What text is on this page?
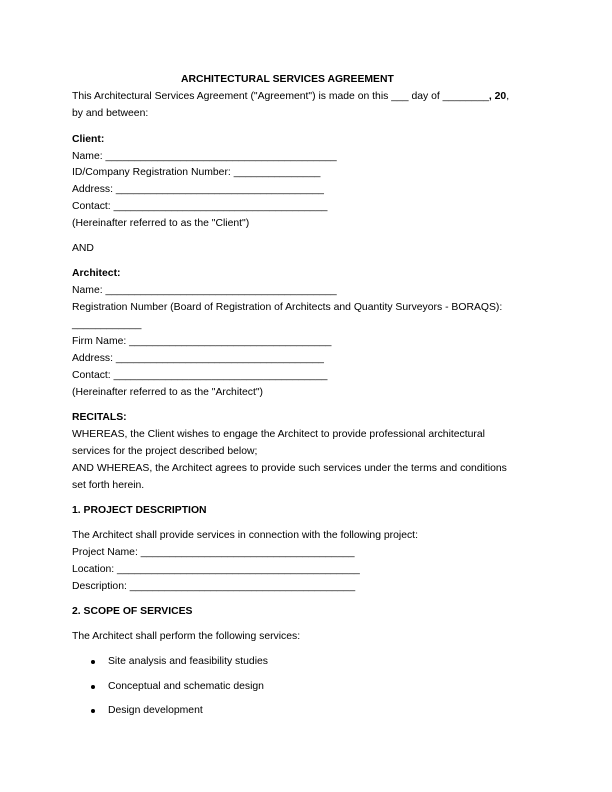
ARCHITECTURAL SERVICES AGREEMENT
This Architectural Services Agreement ("Agreement") is made on this ___ day of ________, 20,
by and between:
Client:
Name: ________________________________________
ID/Company Registration Number: _______________
Address: ____________________________________
Contact: _____________________________________
(Hereinafter referred to as the "Client")
AND
Architect:
Name: ________________________________________
Registration Number (Board of Registration of Architects and Quantity Surveyors - BORAQS):
____________
Firm Name: ___________________________________
Address: ____________________________________
Contact: _____________________________________
(Hereinafter referred to as the "Architect")
RECITALS:
WHEREAS, the Client wishes to engage the Architect to provide professional architectural
services for the project described below;
AND WHEREAS, the Architect agrees to provide such services under the terms and conditions
set forth herein.
1. PROJECT DESCRIPTION
The Architect shall provide services in connection with the following project:
Project Name: _____________________________________
Location: __________________________________________
Description: _______________________________________
2. SCOPE OF SERVICES
The Architect shall perform the following services:
Site analysis and feasibility studies
Conceptual and schematic design
Design development
